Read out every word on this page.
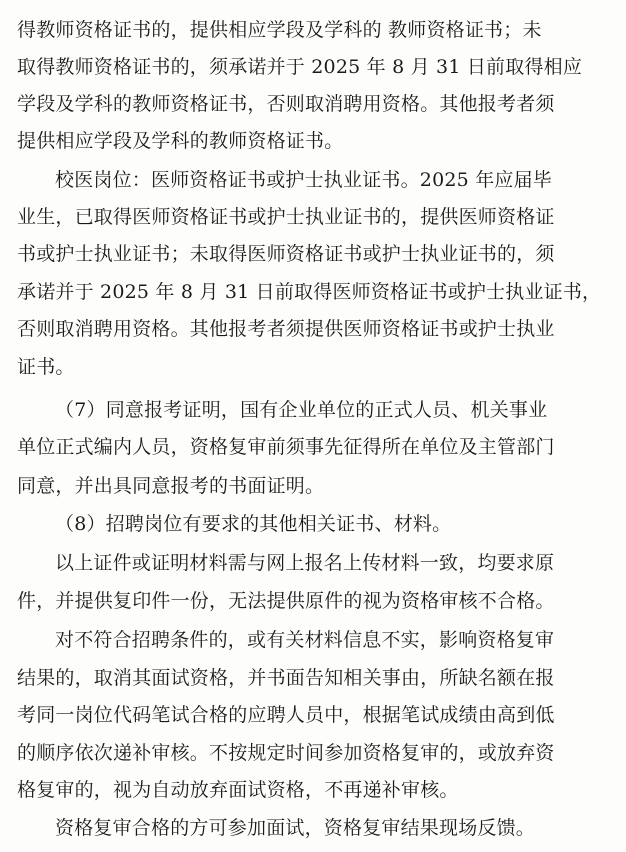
得教师资格证书的，提供相应学段及学科的 教师资格证书；未
取得教师资格证书的，须承诺并于 2025 年 8 月 31 日前取得相应
学段及学科的教师资格证书，否则取消聘用资格。其他报考者须
提供相应学段及学科的教师资格证书。
校医岗位：医师资格证书或护士执业证书。2025 年应届毕
业生，已取得医师资格证书或护士执业证书的，提供医师资格证
书或护士执业证书；未取得医师资格证书或护士执业证书的，须
承诺并于 2025 年 8 月 31 日前取得医师资格证书或护士执业证书，
否则取消聘用资格。其他报考者须提供医师资格证书或护士执业
证书。
（7）同意报考证明，国有企业单位的正式人员、机关事业
单位正式编内人员，资格复审前须事先征得所在单位及主管部门
同意，并出具同意报考的书面证明。
（8）招聘岗位有要求的其他相关证书、材料。
以上证件或证明材料需与网上报名上传材料一致，均要求原
件，并提供复印件一份，无法提供原件的视为资格审核不合格。
对不符合招聘条件的，或有关材料信息不实，影响资格复审
结果的，取消其面试资格，并书面告知相关事由，所缺名额在报
考同一岗位代码笔试合格的应聘人员中，根据笔试成绩由高到低
的顺序依次递补审核。不按规定时间参加资格复审的，或放弃资
格复审的，视为自动放弃面试资格，不再递补审核。
资格复审合格的方可参加面试，资格复审结果现场反馈。
